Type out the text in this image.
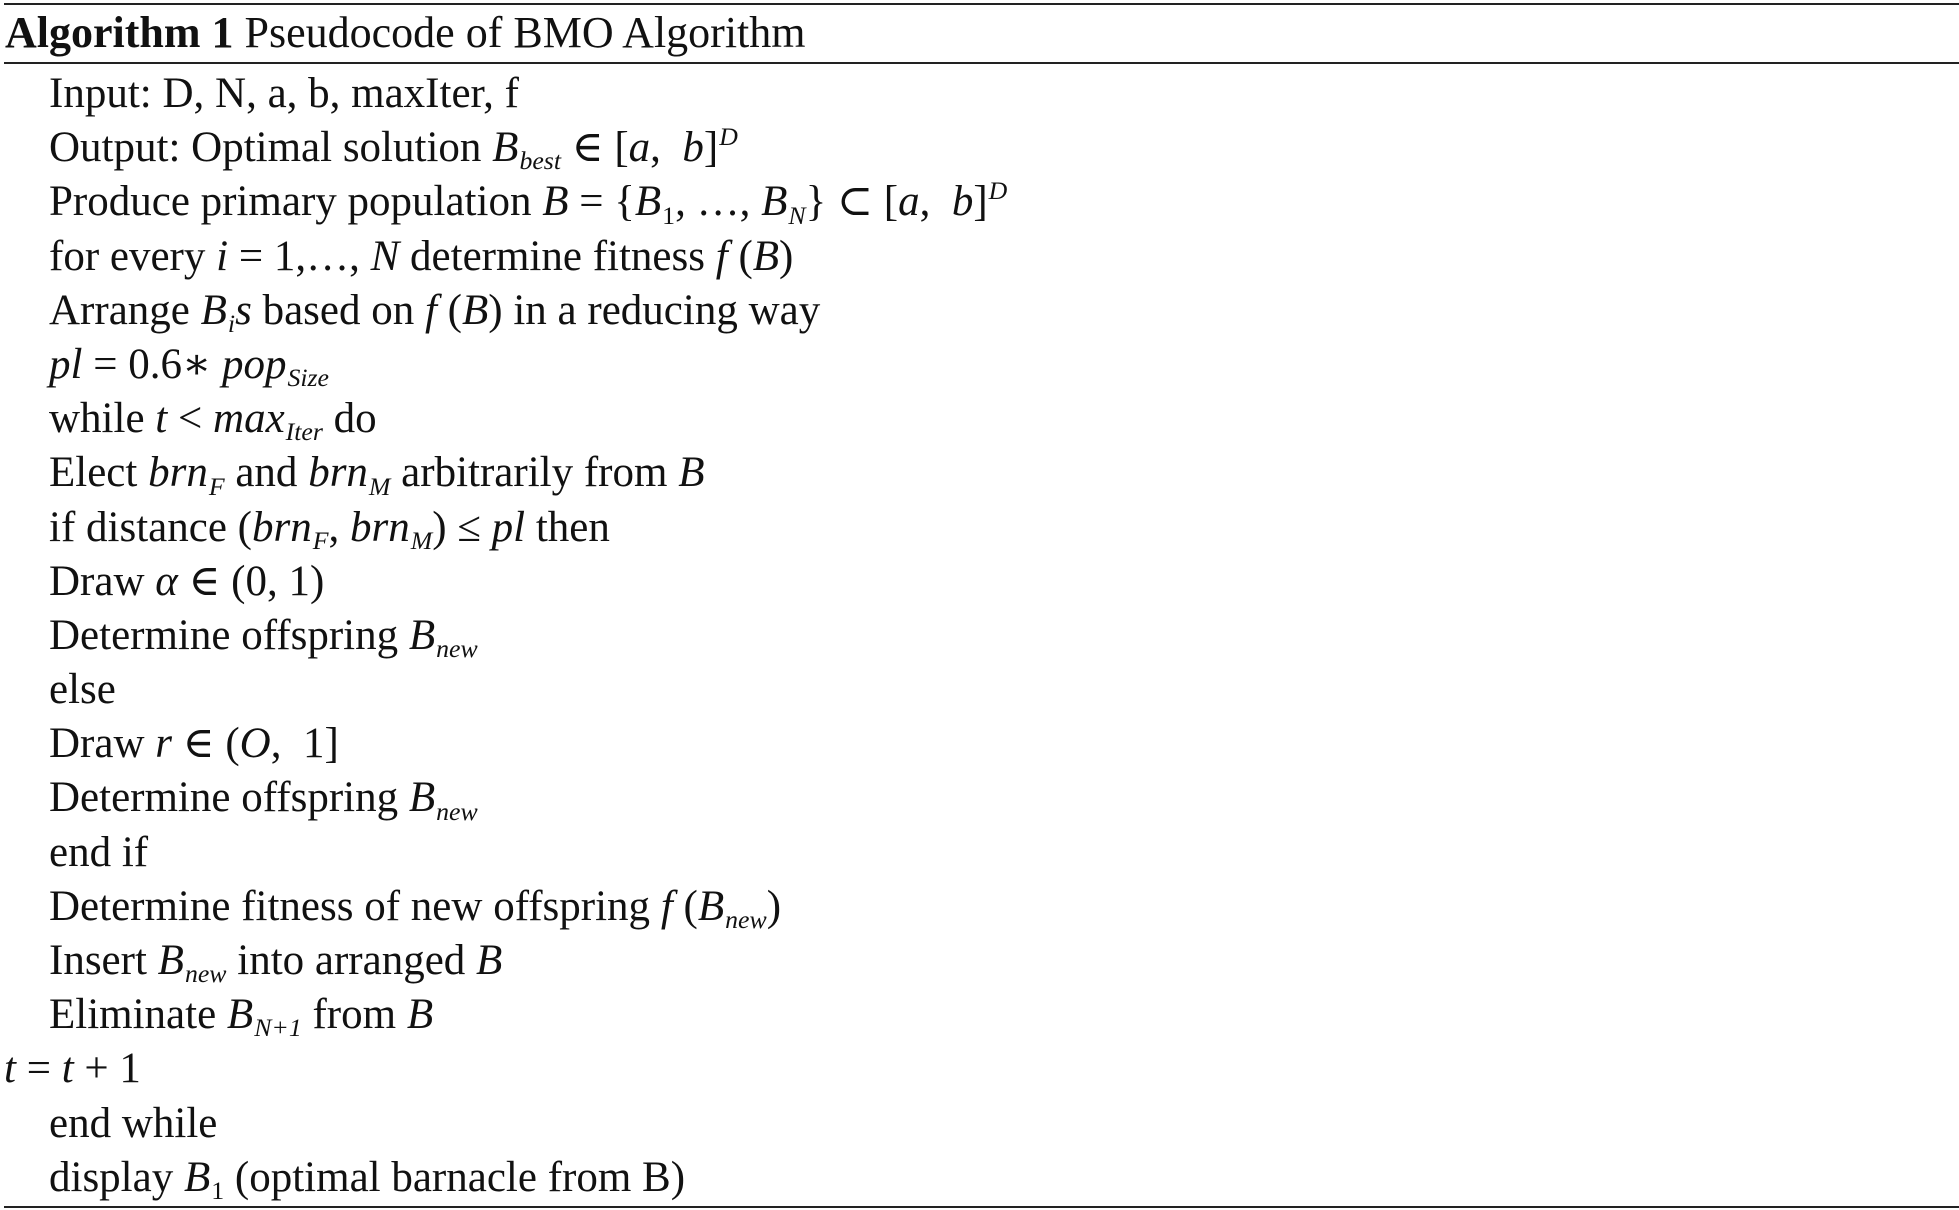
Algorithm 1 Pseudocode of BMO Algorithm
Input: D, N, a, b, maxIter, f
Output: Optimal solution Bbest ∈ [a,  b]$^D$
Produce primary population B = {B1, …, BN} ⊂ [a,  b]$^D$
for every i = 1,…, N determine fitness f (B)
Arrange Bis based on f (B) in a reducing way
pl = 0.6∗ popSize
while t < maxIter do
Elect brnF and brnM arbitrarily from B
if distance (brnF, brnM) ≤ pl then
Draw α ∈ (0, 1)
Determine offspring Bnew
else
Draw r ∈ (O,  1]
Determine offspring Bnew
end if
Determine fitness of new offspring f (Bnew)
Insert Bnew into arranged B
Eliminate BN+1 from B
t = t + 1
end while
display B1 (optimal barnacle from B)
